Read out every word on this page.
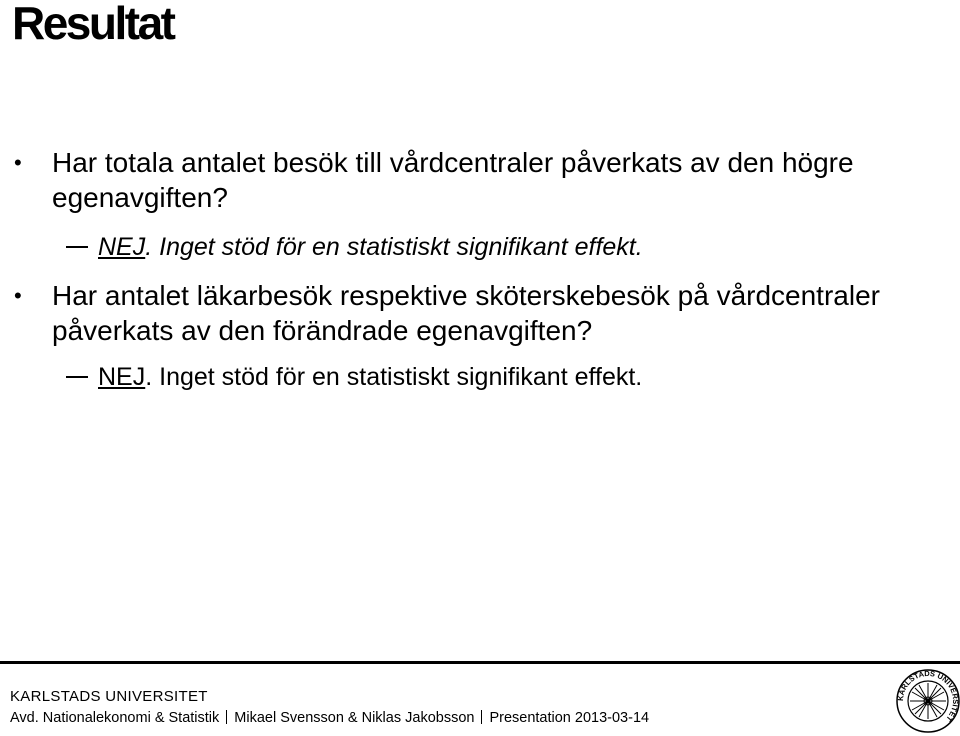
Resultat
• Har totala antalet besök till vårdcentraler påverkats av den högre egenavgiften?
NEJ. Inget stöd för en statistiskt signifikant effekt.
• Har antalet läkarbesök respektive sköterskebesök på vårdcentraler påverkats av den förändrade egenavgiften?
NEJ. Inget stöd för en statistiskt signifikant effekt.
KARLSTADS UNIVERSITET
Avd. Nationalekonomi & Statistik Mikael Svensson & Niklas Jakobsson Presentation 2013-03-14
KARLSTADS UNIVERSITET
